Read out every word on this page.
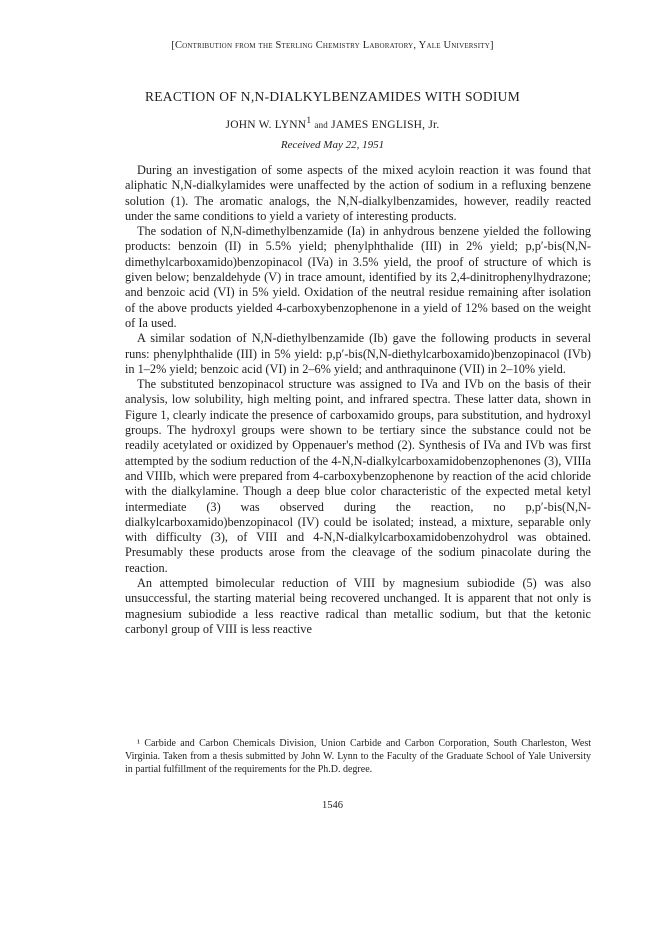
[Contribution from the Sterling Chemistry Laboratory, Yale University]
REACTION OF N,N-DIALKYLBENZAMIDES WITH SODIUM
JOHN W. LYNN$^1$ and JAMES ENGLISH, Jr.
Received May 22, 1951

During an investigation of some aspects of the mixed acyloin reaction it was found that aliphatic N,N-dialkylamides were unaffected by the action of sodium in a refluxing benzene solution (1). The aromatic analogs, the N,N-dialkylbenzamides, however, readily reacted under the same conditions to yield a variety of interesting products.

The sodation of N,N-dimethylbenzamide (Ia) in anhydrous benzene yielded the following products: benzoin (II) in 5.5% yield; phenylphthalide (III) in 2% yield; p,p′-bis(N,N-dimethylcarboxamido)benzopinacol (IVa) in 3.5% yield, the proof of structure of which is given below; benzaldehyde (V) in trace amount, identified by its 2,4-dinitrophenylhydrazone; and benzoic acid (VI) in 5% yield. Oxidation of the neutral residue remaining after isolation of the above products yielded 4-carboxybenzophenone in a yield of 12% based on the weight of Ia used.

A similar sodation of N,N-diethylbenzamide (Ib) gave the following products in several runs: phenylphthalide (III) in 5% yield: p,p′-bis(N,N-diethylcarboxamido)benzopinacol (IVb) in 1–2% yield; benzoic acid (VI) in 2–6% yield; and anthraquinone (VII) in 2–10% yield.

The substituted benzopinacol structure was assigned to IVa and IVb on the basis of their analysis, low solubility, high melting point, and infrared spectra. These latter data, shown in Figure 1, clearly indicate the presence of carboxamido groups, para substitution, and hydroxyl groups. The hydroxyl groups were shown to be tertiary since the substance could not be readily acetylated or oxidized by Oppenauer's method (2). Synthesis of IVa and IVb was first attempted by the sodium reduction of the 4-N,N-dialkylcarboxamidobenzophenones (3), VIIIa and VIIIb, which were prepared from 4-carboxybenzophenone by reaction of the acid chloride with the dialkylamine. Though a deep blue color characteristic of the expected metal ketyl intermediate (3) was observed during the reaction, no p,p′-bis(N,N-dialkylcarboxamido)benzopinacol (IV) could be isolated; instead, a mixture, separable only with difficulty (3), of VIII and 4-N,N-dialkylcarboxamidobenzohydrol was obtained. Presumably these products arose from the cleavage of the sodium pinacolate during the reaction.

An attempted bimolecular reduction of VIII by magnesium subiodide (5) was also unsuccessful, the starting material being recovered unchanged. It is apparent that not only is magnesium subiodide a less reactive radical than metallic sodium, but that the ketonic carbonyl group of VIII is less reactive

¹ Carbide and Carbon Chemicals Division, Union Carbide and Carbon Corporation, South Charleston, West Virginia. Taken from a thesis submitted by John W. Lynn to the Faculty of the Graduate School of Yale University in partial fulfillment of the requirements for the Ph.D. degree.

1546
